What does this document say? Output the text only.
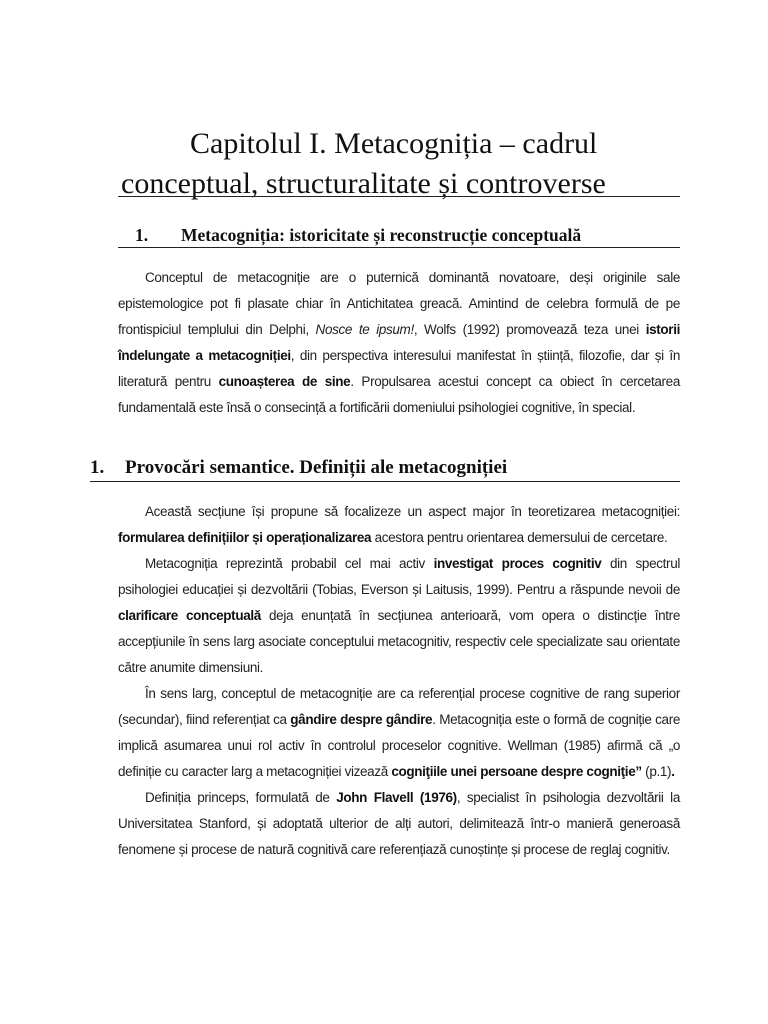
Capitolul I. Metacogniția – cadrul
conceptual, structuralitate și controverse
1. Metacogniția: istoricitate și reconstrucție conceptuală

Conceptul de metacogniție are o puternică dominantă novatoare, deși originile sale epistemologice pot fi plasate chiar în Antichitatea greacă. Amintind de celebra formulă de pe frontispiciul templului din Delphi, Nosce te ipsum!, Wolfs (1992) promovează teza unei istorii îndelungate a metacogniției, din perspectiva interesului manifestat în știință, filozofie, dar și în literatură pentru cunoașterea de sine. Propulsarea acestui concept ca obiect în cercetarea fundamentală este însă o consecință a fortificării domeniului psihologiei cognitive, în special.

1. Provocări semantice. Definiții ale metacogniției

Această secțiune își propune să focalizeze un aspect major în teoretizarea metacogniției: formularea definițiilor și operaționalizarea acestora pentru orientarea demersului de cercetare.

Metacogniția reprezintă probabil cel mai activ investigat proces cognitiv din spectrul psihologiei educației și dezvoltării (Tobias, Everson și Laitusis, 1999). Pentru a răspunde nevoii de clarificare conceptuală deja enunțată în secțiunea anterioară, vom opera o distincție între accepțiunile în sens larg asociate conceptului metacognitiv, respectiv cele specializate sau orientate către anumite dimensiuni.

În sens larg, conceptul de metacogniție are ca referențial procese cognitive de rang superior (secundar), fiind referențiat ca gândire despre gândire. Metacogniția este o formă de cogniție care implică asumarea unui rol activ în controlul proceselor cognitive. Wellman (1985) afirmă că „o definiție cu caracter larg a metacogniției vizează cogniţiile unei persoane despre cogniţie” (p.1).

Definiția princeps, formulată de John Flavell (1976), specialist în psihologia dezvoltării la Universitatea Stanford, și adoptată ulterior de alți autori, delimitează într-o manieră generoasă fenomene și procese de natură cognitivă care referențiază cunoștințe și procese de reglaj cognitiv.
